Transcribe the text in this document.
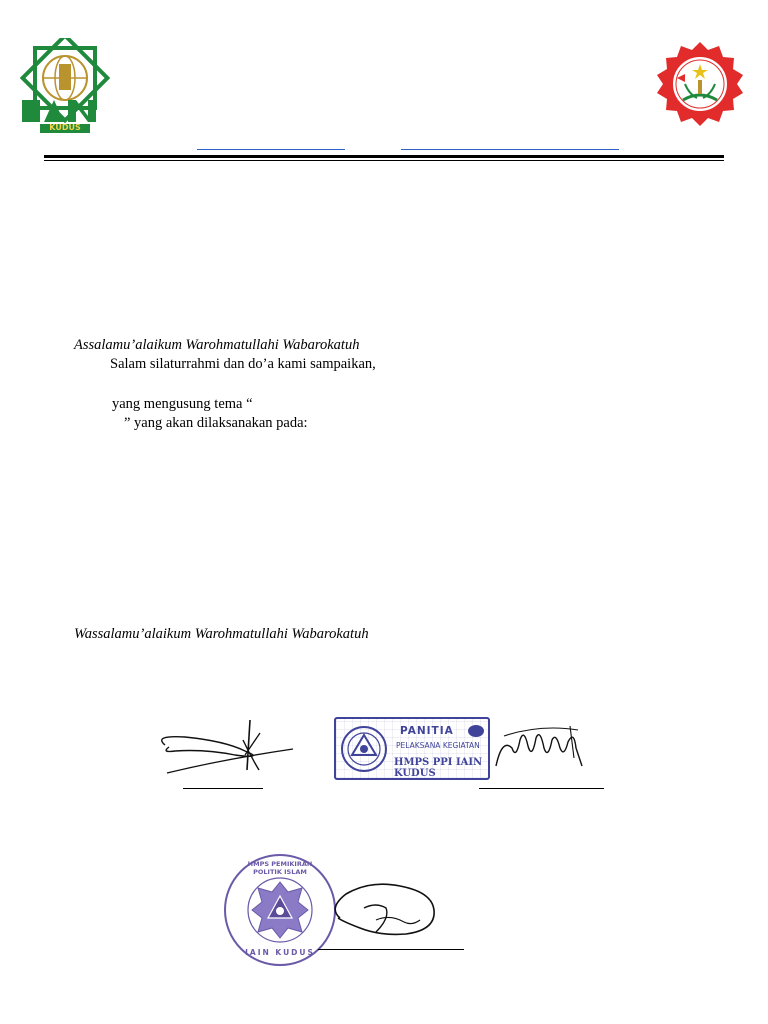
KUDUS
Assalamu’alaikum Warohmatullahi Wabarokatuh
Salam silaturrahmi dan do’a kami sampaikan,
yang mengusung tema “
” yang akan dilaksanakan pada:
Wassalamu’alaikum Warohmatullahi Wabarokatuh
PANITIA
PELAKSANA KEGIATAN
HMPS PPI IAIN KUDUS
HMPS PEMIKIRAN POLITIK ISLAM
IAIN KUDUS
